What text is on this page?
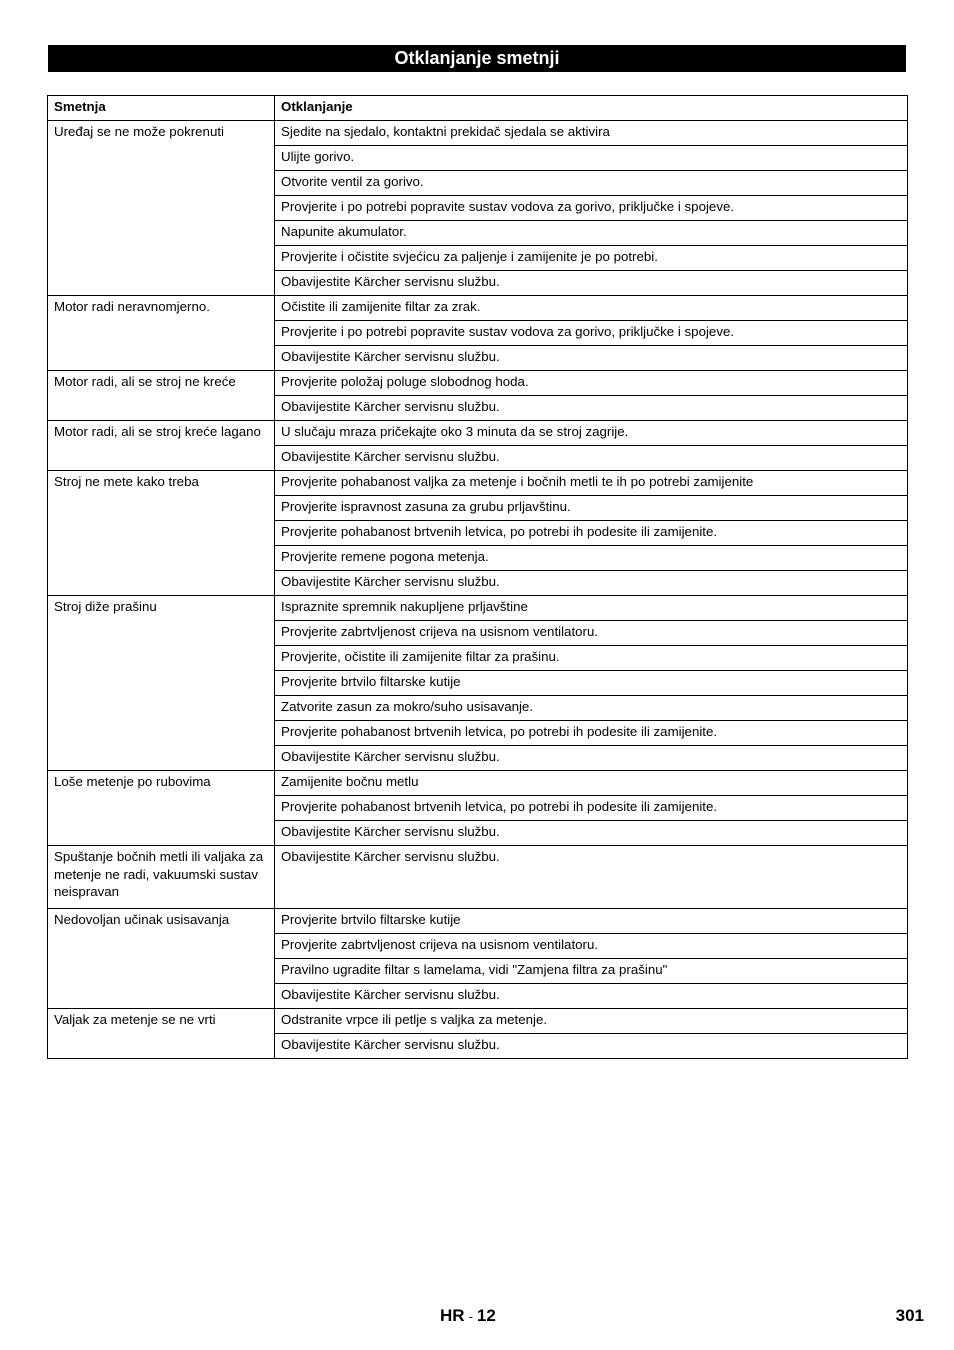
Otklanjanje smetnji
Smetnja	Otklanjanje
Uređaj se ne može pokrenuti	Sjedite na sjedalo, kontaktni prekidač sjedala se aktivira
	Ulijte gorivo.
	Otvorite ventil za gorivo.
	Provjerite i po potrebi popravite sustav vodova za gorivo, priključke i spojeve.
	Napunite akumulator.
	Provjerite i očistite svjećicu za paljenje i zamijenite je po potrebi.
	Obavijestite Kärcher servisnu službu.
Motor radi neravnomjerno.	Očistite ili zamijenite filtar za zrak.
	Provjerite i po potrebi popravite sustav vodova za gorivo, priključke i spojeve.
	Obavijestite Kärcher servisnu službu.
Motor radi, ali se stroj ne kreće	Provjerite položaj poluge slobodnog hoda.
	Obavijestite Kärcher servisnu službu.
Motor radi, ali se stroj kreće lagano	U slučaju mraza pričekajte oko 3 minuta da se stroj zagrije.
	Obavijestite Kärcher servisnu službu.
Stroj ne mete kako treba	Provjerite pohabanost valjka za metenje i bočnih metli te ih po potrebi zamijenite
	Provjerite ispravnost zasuna za grubu prljavštinu.
	Provjerite pohabanost brtvenih letvica, po potrebi ih podesite ili zamijenite.
	Provjerite remene pogona metenja.
	Obavijestite Kärcher servisnu službu.
Stroj diže prašinu	Ispraznite spremnik nakupljene prljavštine
	Provjerite zabrtvljenost crijeva na usisnom ventilatoru.
	Provjerite, očistite ili zamijenite filtar za prašinu.
	Provjerite brtvilo filtarske kutije
	Zatvorite zasun za mokro/suho usisavanje.
	Provjerite pohabanost brtvenih letvica, po potrebi ih podesite ili zamijenite.
	Obavijestite Kärcher servisnu službu.
Loše metenje po rubovima	Zamijenite bočnu metlu
	Provjerite pohabanost brtvenih letvica, po potrebi ih podesite ili zamijenite.
	Obavijestite Kärcher servisnu službu.
Spuštanje bočnih metli ili valjaka za metenje ne radi, vakuumski sustav neispravan	Obavijestite Kärcher servisnu službu.
Nedovoljan učinak usisavanja	Provjerite brtvilo filtarske kutije
	Provjerite zabrtvljenost crijeva na usisnom ventilatoru.
	Pravilno ugradite filtar s lamelama, vidi "Zamjena filtra za prašinu"
	Obavijestite Kärcher servisnu službu.
Valjak za metenje se ne vrti	Odstranite vrpce ili petlje s valjka za metenje.
	Obavijestite Kärcher servisnu službu.
HR - 12	301
